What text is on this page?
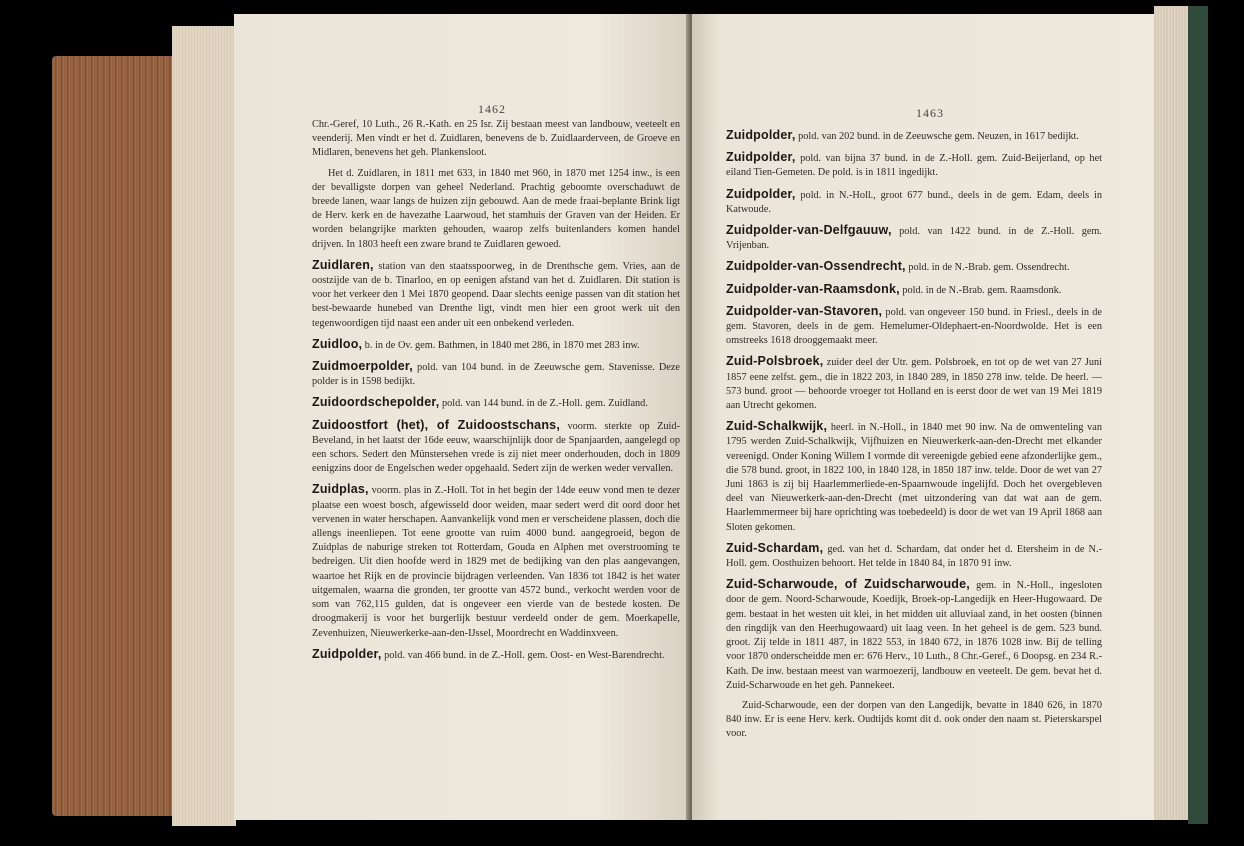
1462

Chr.-Geref, 10 Luth., 26 R.-Kath. en 25 Isr. Zij bestaan meest van landbouw, veeteelt en veenderij. Men vindt er het d. Zuidlaren, benevens de b. Zuidlaarderveen, de Groeve en Midlaren, benevens het geh. Plankensloot.

Het d. Zuidlaren, in 1811 met 633, in 1840 met 960, in 1870 met 1254 inw., is een der bevalligste dorpen van geheel Nederland. Prachtig geboomte overschaduwt de breede lanen, waar langs de huizen zijn gebouwd. Aan de mede fraai-beplante Brink ligt de Herv. kerk en de havezathe Laarwoud, het stamhuis der Graven van der Heiden. Er worden belangrijke markten gehouden, waarop zelfs buitenlanders komen handel drijven. In 1803 heeft een zware brand te Zuidlaren gewoed.

Zuidlaren, station van den staatsspoorweg, in de Drenthsche gem. Vries, aan de oostzijde van de b. Tinarloo, en op eenigen afstand van het d. Zuidlaren. Dit station is voor het verkeer den 1 Mei 1870 geopend. Daar slechts eenige passen van dit station het best-bewaarde hunebed van Drenthe ligt, vindt men hier een groot werk uit den tegenwoordigen tijd naast een ander uit een onbekend verleden.

Zuidloo, b. in de Ov. gem. Bathmen, in 1840 met 286, in 1870 met 283 inw.

Zuidmoerpolder, pold. van 104 bund. in de Zeeuwsche gem. Stavenisse. Deze polder is in 1598 bedijkt.

Zuidoordschepolder, pold. van 144 bund. in de Z.-Holl. gem. Zuidland.

Zuidoostfort (het), of Zuidoostschans, voorm. sterkte op Zuid-Beveland, in het laatst der 16de eeuw, waarschijnlijk door de Spanjaarden, aangelegd op een schors. Sedert den Münstersehen vrede is zij niet meer onderhouden, doch in 1809 eenigzins door de Engelschen weder opgehaald. Sedert zijn de werken weder vervallen.

Zuidplas, voorm. plas in Z.-Holl. Tot in het begin der 14de eeuw vond men te dezer plaatse een woest bosch, afgewisseld door weiden, maar sedert werd dit oord door het vervenen in water herschapen. Aanvankelijk vond men er verscheidene plassen, doch die allengs ineenliepen. Tot eene grootte van ruim 4000 bund. aangegroeid, begon de Zuidplas de naburige streken tot Rotterdam, Gouda en Alphen met overstrooming te bedreigen. Uit dien hoofde werd in 1829 met de bedijking van den plas aangevangen, waartoe het Rijk en de provincie bijdragen verleenden. Van 1836 tot 1842 is het water uitgemalen, waarna die gronden, ter grootte van 4572 bund., verkocht werden voor de som van 762,115 gulden, dat is ongeveer een vierde van de bestede kosten. De droogmakerij is voor het burgerlijk bestuur verdeeld onder de gem. Moerkapelle, Zevenhuizen, Nieuwerkerke-aan-den-IJssel, Moordrecht en Waddinxveen.

Zuidpolder, pold. van 466 bund. in de Z.-Holl. gem. Oost- en West-Barendrecht.

1463

Zuidpolder, pold. van 202 bund. in de Zeeuwsche gem. Neuzen, in 1617 bedijkt.

Zuidpolder, pold. van bijna 37 bund. in de Z.-Holl. gem. Zuid-Beijerland, op het eiland Tien-Gemeten. De pold. is in 1811 ingedijkt.

Zuidpolder, pold. in N.-Holl., groot 677 bund., deels in de gem. Edam, deels in Katwoude.

Zuidpolder-van-Delfgauuw, pold. van 1422 bund. in de Z.-Holl. gem. Vrijenban.

Zuidpolder-van-Ossendrecht, pold. in de N.-Brab. gem. Ossendrecht.

Zuidpolder-van-Raamsdonk, pold. in de N.-Brab. gem. Raamsdonk.

Zuidpolder-van-Stavoren, pold. van ongeveer 150 bund. in Friesl., deels in de gem. Stavoren, deels in de gem. Hemelumer-Oldephaert-en-Noordwolde. Het is een omstreeks 1618 drooggemaakt meer.

Zuid-Polsbroek, zuider deel der Utr. gem. Polsbroek, en tot op de wet van 27 Juni 1857 eene zelfst. gem., die in 1822 203, in 1840 289, in 1850 278 inw. telde. De heerl. — 573 bund. groot — behoorde vroeger tot Holland en is eerst door de wet van 19 Mei 1819 aan Utrecht gekomen.

Zuid-Schalkwijk, heerl. in N.-Holl., in 1840 met 90 inw. Na de omwenteling van 1795 werden Zuid-Schalkwijk, Vijfhuizen en Nieuwerkerk-aan-den-Drecht met elkander vereenigd. Onder Koning Willem I vormde dit vereenigde gebied eene afzonderlijke gem., die 578 bund. groot, in 1822 100, in 1840 128, in 1850 187 inw. telde. Door de wet van 27 Juni 1863 is zij bij Haarlemmerliede-en-Spaarnwoude ingelijfd. Doch het overgebleven deel van Nieuwerkerk-aan-den-Drecht (met uitzondering van dat wat aan de gem. Haarlemmermeer bij hare oprichting was toebedeeld) is door de wet van 19 April 1868 aan Sloten gekomen.

Zuid-Schardam, ged. van het d. Schardam, dat onder het d. Etersheim in de N.-Holl. gem. Oosthuizen behoort. Het telde in 1840 84, in 1870 91 inw.

Zuid-Scharwoude, of Zuidscharwoude, gem. in N.-Holl., ingesloten door de gem. Noord-Scharwoude, Koedijk, Broek-op-Langedijk en Heer-Hugowaard. De gem. bestaat in het westen uit klei, in het midden uit alluviaal zand, in het oosten (binnen den ringdijk van den Heerhugowaard) uit laag veen. In het geheel is de gem. 523 bund. groot. Zij telde in 1811 487, in 1822 553, in 1840 672, in 1876 1028 inw. Bij de telling voor 1870 onderscheidde men er: 676 Herv., 10 Luth., 8 Chr.-Geref., 6 Doopsg. en 234 R.-Kath. De inw. bestaan meest van warmoezerij, landbouw en veeteelt. De gem. bevat het d. Zuid-Scharwoude en het geh. Pannekeet.

Zuid-Scharwoude, een der dorpen van den Langedijk, bevatte in 1840 626, in 1870 840 inw. Er is eene Herv. kerk. Oudtijds komt dit d. ook onder den naam st. Pieterskarspel voor.
